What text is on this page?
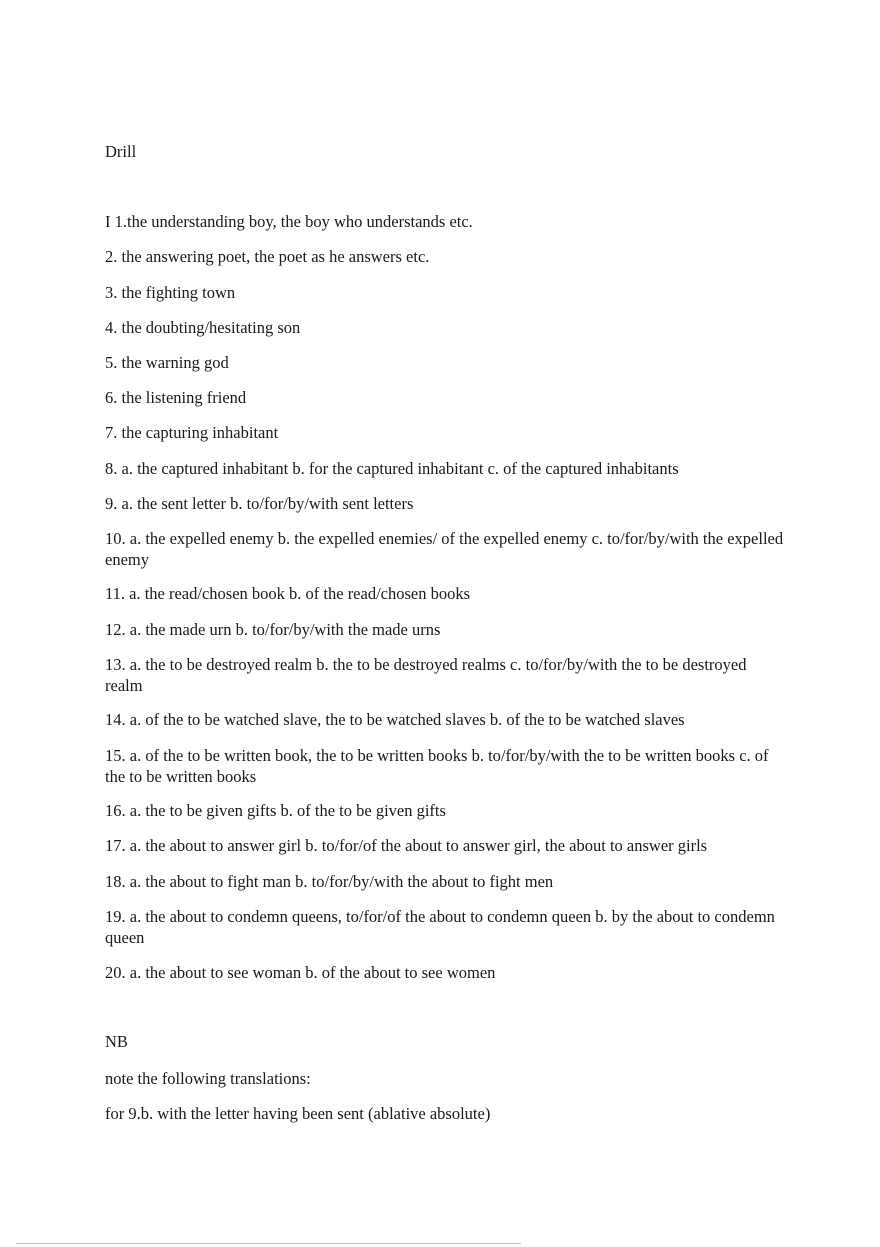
Drill
I 1.the understanding boy, the boy who understands etc.
2. the answering poet, the poet as he answers etc.
3. the fighting town
4. the doubting/hesitating son
5. the warning god
6. the listening friend
7. the capturing inhabitant
8. a. the captured inhabitant b. for the captured inhabitant c. of the captured inhabitants
9. a. the sent letter b. to/for/by/with sent letters
10. a. the expelled enemy b. the expelled enemies/ of the expelled enemy c. to/for/by/with the expelled enemy
11. a. the read/chosen book b. of the read/chosen books
12. a. the made urn b. to/for/by/with the made urns
13. a. the to be destroyed realm b. the to be destroyed realms c. to/for/by/with the to be destroyed realm
14. a. of the to be watched slave, the to be watched slaves b. of the to be watched slaves
15. a. of the to be written book, the to be written books b. to/for/by/with the to be written books c. of the to be written books
16. a. the to be given gifts b. of the to be given gifts
17. a. the about to answer girl b. to/for/of the about to answer girl, the about to answer girls
18. a. the about to fight man b. to/for/by/with the about to fight men
19. a. the about to condemn queens, to/for/of the about to condemn queen b. by the about to condemn queen
20. a. the about to see woman b. of the about to see women
NB
note the following translations:
for 9.b. with the letter having been sent (ablative absolute)
